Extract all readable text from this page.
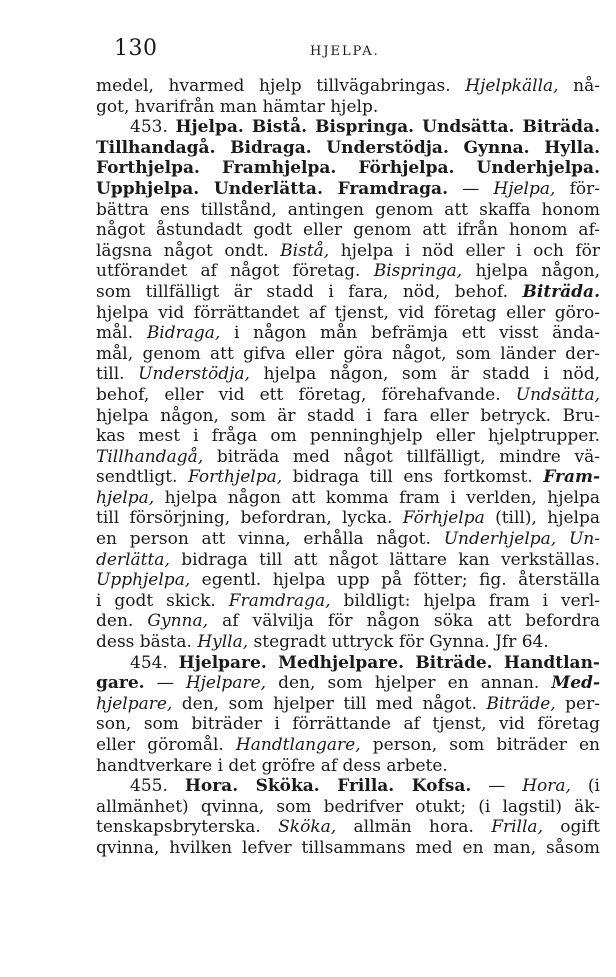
130	HJELPA.
medel, hvarmed hjelp tillvägabringas. Hjelpkälla, nå-
got, hvarifrån man hämtar hjelp.
453. Hjelpa. Bistå. Bispringa. Undsätta. Biträda.
Tillhandagå. Bidraga. Understödja. Gynna. Hylla.
Forthjelpa. Framhjelpa. Förhjelpa. Underhjelpa.
Upphjelpa. Underlätta. Framdraga. — Hjelpa, för-
bättra ens tillstånd, antingen genom att skaffa honom
något åstundadt godt eller genom att ifrån honom af-
lägsna något ondt. Bistå, hjelpa i nöd eller i och för
utförandet af något företag. Bispringa, hjelpa någon,
som tillfälligt är stadd i fara, nöd, behof. Biträda.
hjelpa vid förrättandet af tjenst, vid företag eller göro-
mål. Bidraga, i någon mån befrämja ett visst ända-
mål, genom att gifva eller göra något, som länder der-
till. Understödja, hjelpa någon, som är stadd i nöd,
behof, eller vid ett företag, förehafvande. Undsätta,
hjelpa någon, som är stadd i fara eller betryck. Bru-
kas mest i fråga om penninghjelp eller hjelptrupper.
Tillhandagå, biträda med något tillfälligt, mindre vä-
sendtligt. Forthjelpa, bidraga till ens fortkomst. Fram-
hjelpa, hjelpa någon att komma fram i verlden, hjelpa
till försörjning, befordran, lycka. Förhjelpa (till), hjelpa
en person att vinna, erhålla något. Underhjelpa, Un-
derlätta, bidraga till att något lättare kan verkställas.
Upphjelpa, egentl. hjelpa upp på fötter; fig. återställa
i godt skick. Framdraga, bildligt: hjelpa fram i verl-
den. Gynna, af välvilja för någon söka att befordra
dess bästa. Hylla, stegradt uttryck för Gynna. Jfr 64.
454. Hjelpare. Medhjelpare. Biträde. Handtlan-
gare. — Hjelpare, den, som hjelper en annan. Med-
hjelpare, den, som hjelper till med något. Biträde, per-
son, som biträder i förrättande af tjenst, vid företag
eller göromål. Handtlangare, person, som biträder en
handtverkare i det gröfre af dess arbete.
455. Hora. Sköka. Frilla. Kofsa. — Hora, (i
allmänhet) qvinna, som bedrifver otukt; (i lagstil) äk-
tenskapsbryterska. Sköka, allmän hora. Frilla, ogift
qvinna, hvilken lefver tillsammans med en man, såsom
